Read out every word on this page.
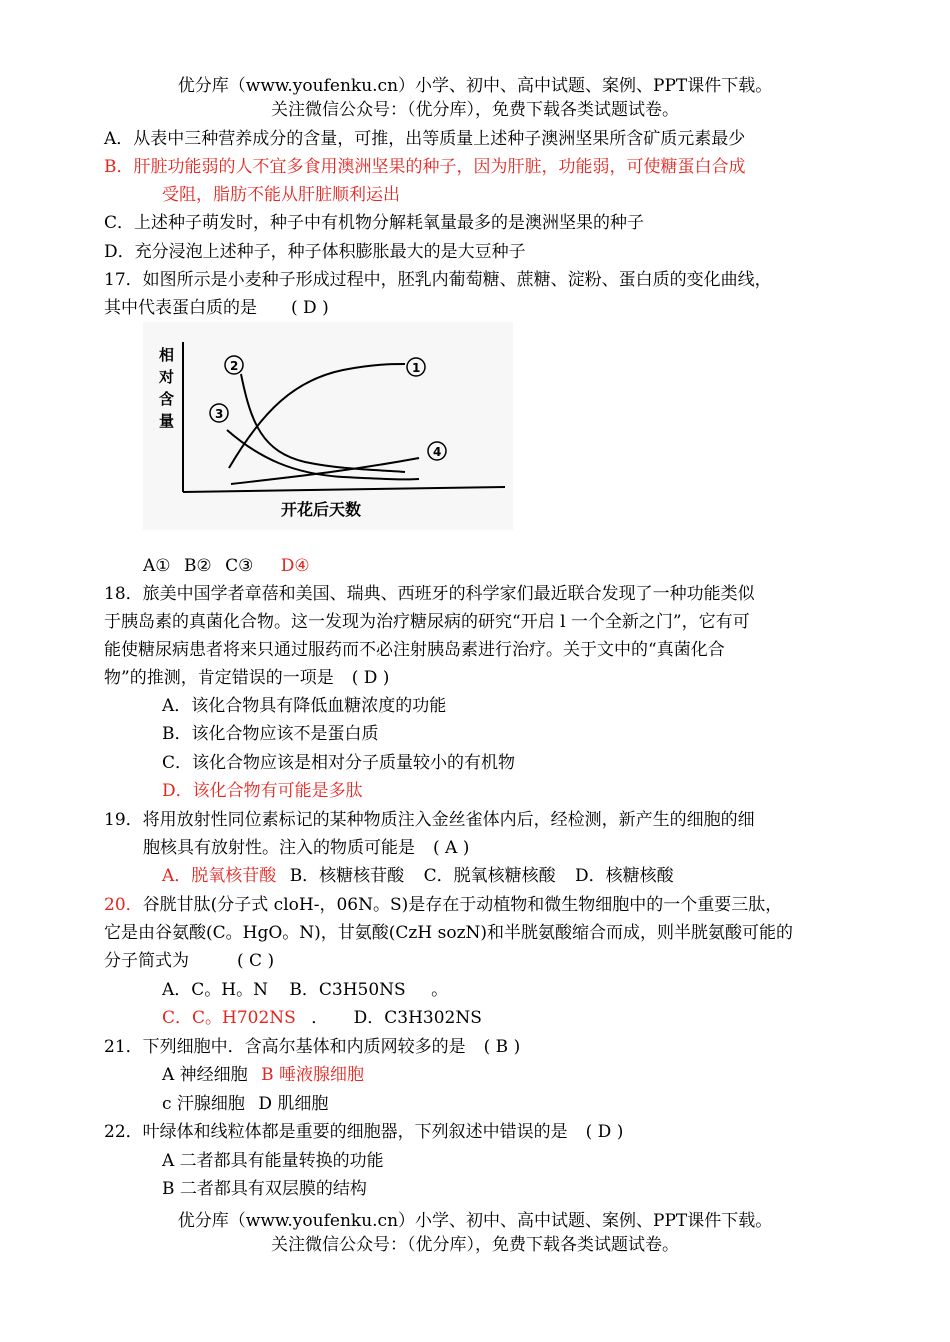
优分库（www.youfenku.cn）小学、初中、高中试题、案例、PPT课件下载。
关注微信公众号：（优分库），免费下载各类试题试卷。
A．从表中三种营养成分的含量，可推，出等质量上述种子澳洲坚果所含矿质元素最少
B．肝脏功能弱的人不宜多食用澳洲坚果的种子，因为肝脏，功能弱，可使糖蛋白合成
受阻，脂肪不能从肝脏顺利运出
C．上述种子萌发时，种子中有机物分解耗氧量最多的是澳洲坚果的种子
D．充分浸泡上述种子，种子体积膨胀最大的是大豆种子
17．如图所示是小麦种子形成过程中，胚乳内葡萄糖、蔗糖、淀粉、蛋白质的变化曲线，
其中代表蛋白质的是 ( D )
相
对
含
量
开花后天数
1
2
3
4
A① B② C③ D④
18．旅美中国学者章蓓和美国、瑞典、西班牙的科学家们最近联合发现了一种功能类似
于胰岛素的真菌化合物。这一发现为治疗糖尿病的研究“开启 l 一个全新之门”，它有可
能使糖尿病患者将来只通过服药而不必注射胰岛素进行治疗。关于文中的“真菌化合
物”的推测，肯定错误的一项是 ( D )
A．该化合物具有降低血糖浓度的功能
B．该化合物应该不是蛋白质
C．该化合物应该是相对分子质量较小的有机物
D．该化合物有可能是多肽
19．将用放射性同位素标记的某种物质注入金丝雀体内后，经检测，新产生的细胞的细
胞核具有放射性。注入的物质可能是 ( A )
A．脱氧核苷酸 B．核糖核苷酸 C．脱氧核糖核酸 D．核糖核酸
20．谷胱甘肽(分子式 cloH-，06N。S)是存在于动植物和微生物细胞中的一个重要三肽，
它是由谷氨酸(C。HgO。N)，甘氨酸(CzH sozN)和半胱氨酸缩合而成，则半胱氨酸可能的
分子简式为	( C )
A．C。H。N B．C3H50NS 。
C．C。H702NS ． D．C3H302NS
21．下列细胞中．含高尔基体和内质网较多的是 ( B )
A 神经细胞 B 唾液腺细胞
c 汗腺细胞 D 肌细胞
22．叶绿体和线粒体都是重要的细胞器，下列叙述中错误的是 ( D )
A 二者都具有能量转换的功能
B 二者都具有双层膜的结构
优分库（www.youfenku.cn）小学、初中、高中试题、案例、PPT课件下载。
关注微信公众号：（优分库），免费下载各类试题试卷。
